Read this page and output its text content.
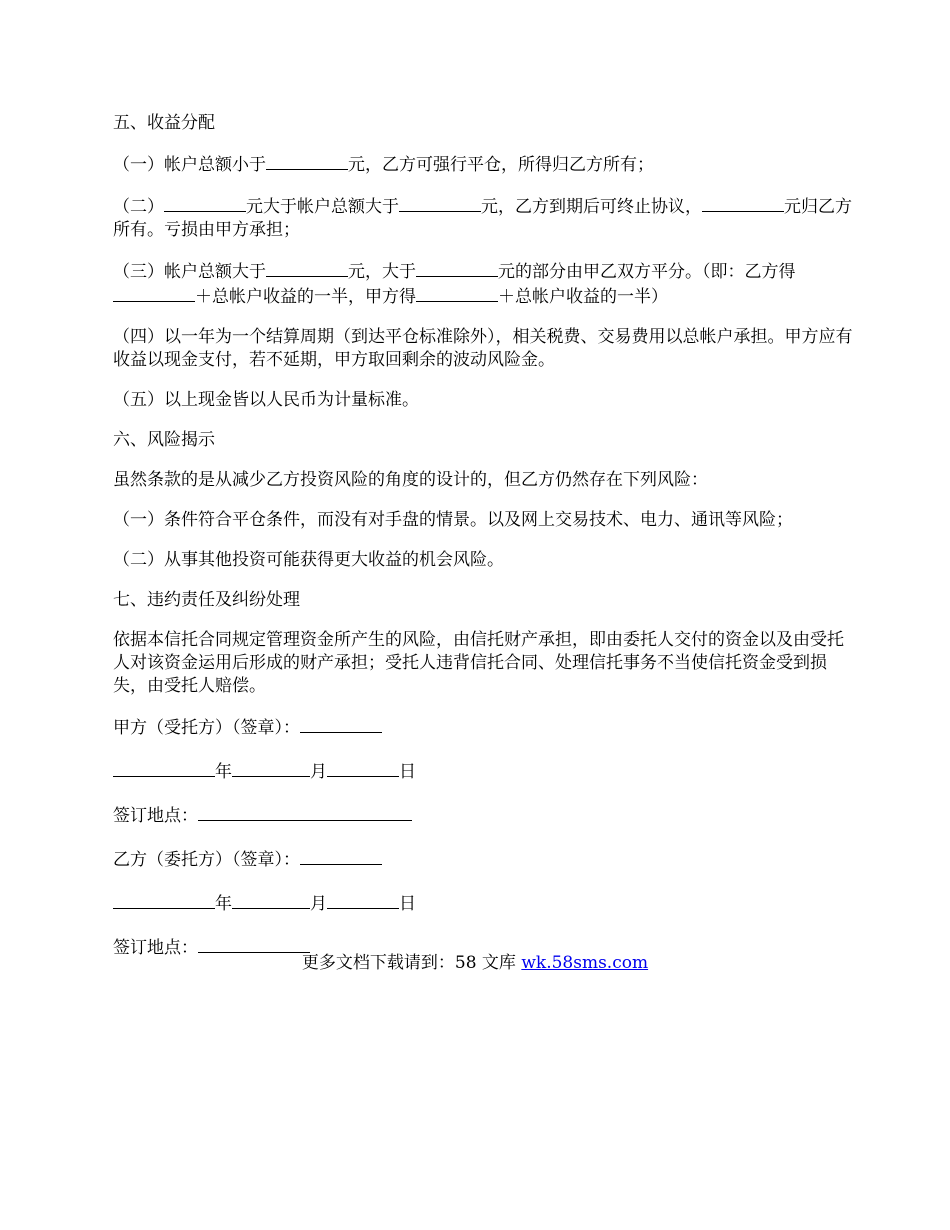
五、收益分配

（一）帐户总额小于	元，乙方可强行平仓，所得归乙方所有；

（二）	元大于帐户总额大于	元，乙方到期后可终止协议，	元归乙方所有。亏损由甲方承担；

（三）帐户总额大于	元，大于	元的部分由甲乙双方平分。（即：乙方得＋总帐户收益的一半，甲方得	＋总帐户收益的一半）

（四）以一年为一个结算周期（到达平仓标准除外），相关税费、交易费用以总帐户承担。甲方应有收益以现金支付，若不延期，甲方取回剩余的波动风险金。

（五）以上现金皆以人民币为计量标准。

六、风险揭示

虽然条款的是从减少乙方投资风险的角度的设计的，但乙方仍然存在下列风险：

（一）条件符合平仓条件，而没有对手盘的情景。以及网上交易技术、电力、通讯等风险；

（二）从事其他投资可能获得更大收益的机会风险。

七、违约责任及纠纷处理

依据本信托合同规定管理资金所产生的风险，由信托财产承担，即由委托人交付的资金以及由受托人对该资金运用后形成的财产承担；受托人违背信托合同、处理信托事务不当使信托资金受到损失，由受托人赔偿。

甲方（受托方）（签章）：

年	月	日

签订地点：

乙方（委托方）（签章）：

年	月	日

签订地点：

更多文档下载请到：58 文库 wk.58sms.com
